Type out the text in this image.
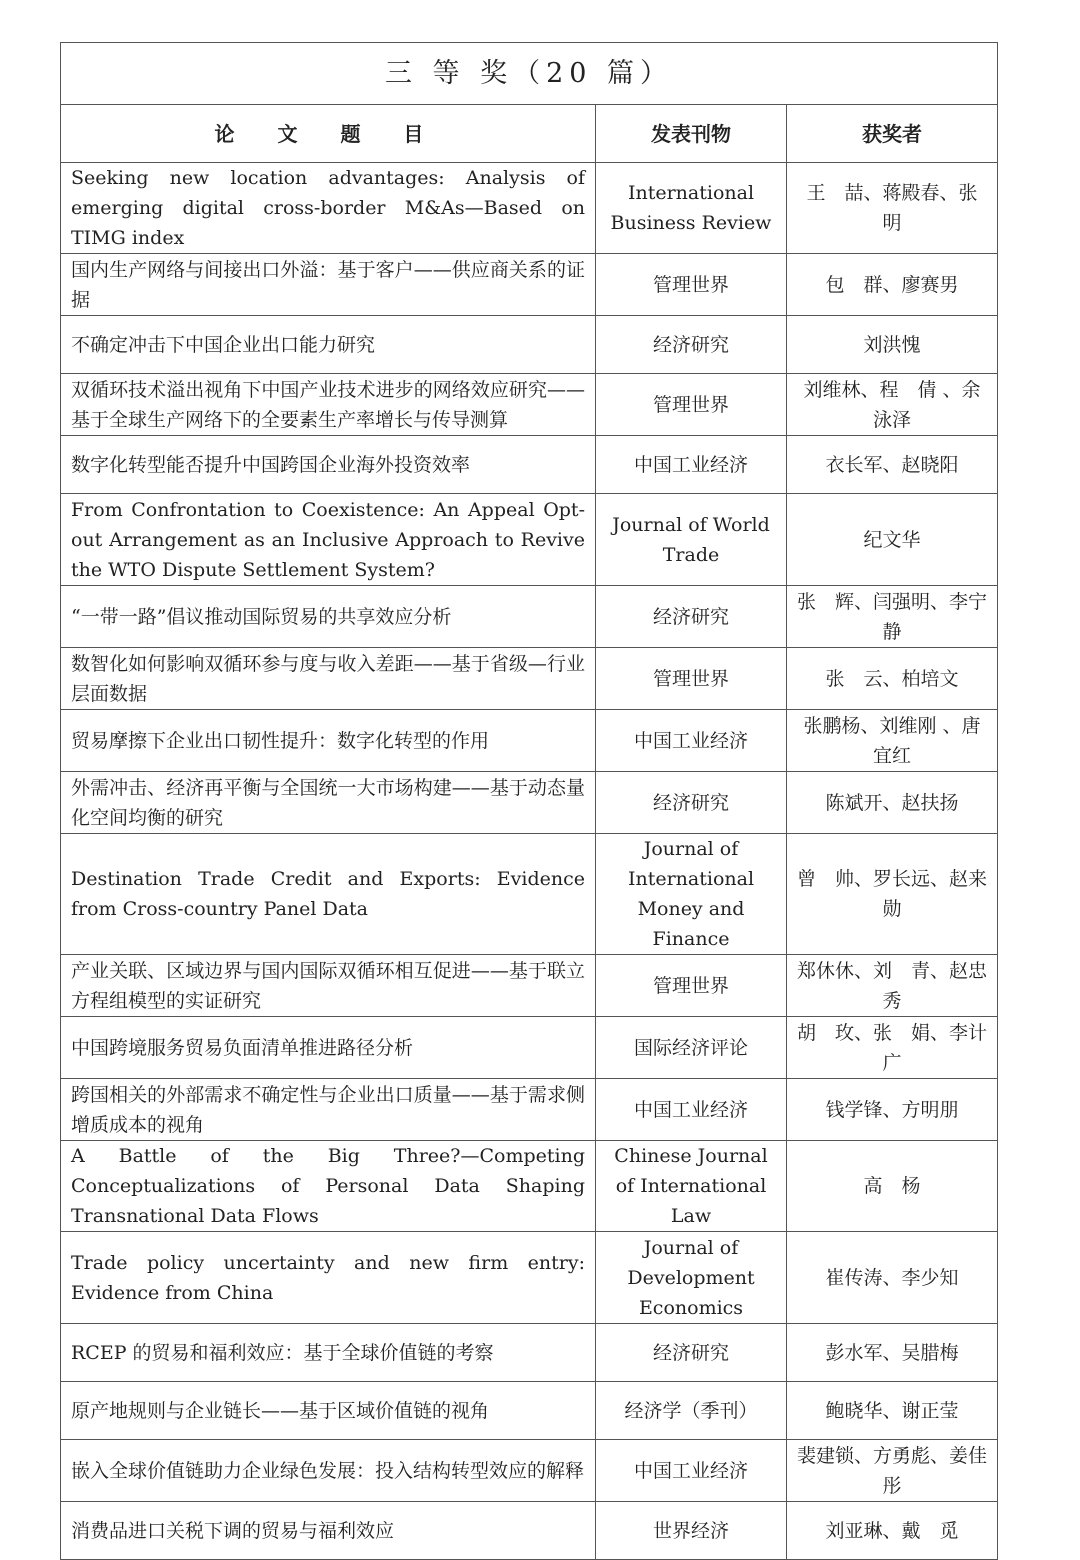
三 等 奖（20 篇）		
论 文 题 目	发表刊物	获奖者
Seeking new location advantages: Analysis of emerging digital cross-border M&As—Based on TIMG index	International Business Review	王　喆、蒋殿春、张　明
国内生产网络与间接出口外溢：基于客户——供应商关系的证据	管理世界	包　群、廖赛男
不确定冲击下中国企业出口能力研究	经济研究	刘洪愧
双循环技术溢出视角下中国产业技术进步的网络效应研究——基于全球生产网络下的全要素生产率增长与传导测算	管理世界	刘维林、程　倩 、余泳泽
数字化转型能否提升中国跨国企业海外投资效率	中国工业经济	衣长军、赵晓阳
From Confrontation to Coexistence: An Appeal Opt-out Arrangement as an Inclusive Approach to Revive the WTO Dispute Settlement System?	Journal of World Trade	纪文华
“一带一路”倡议推动国际贸易的共享效应分析	经济研究	张　辉、闫强明、李宁静
数智化如何影响双循环参与度与收入差距——基于省级—行业层面数据	管理世界	张　云、柏培文
贸易摩擦下企业出口韧性提升：数字化转型的作用	中国工业经济	张鹏杨、刘维刚 、唐宜红
外需冲击、经济再平衡与全国统一大市场构建——基于动态量化空间均衡的研究	经济研究	陈斌开、赵扶扬
Destination Trade Credit and Exports: Evidence from Cross-country Panel Data	Journal of International Money and Finance	曾　帅、罗长远、赵来勋
产业关联、区域边界与国内国际双循环相互促进——基于联立方程组模型的实证研究	管理世界	郑休休、刘　青、赵忠秀
中国跨境服务贸易负面清单推进路径分析	国际经济评论	胡　玫、张　娟、李计广
跨国相关的外部需求不确定性与企业出口质量——基于需求侧增质成本的视角	中国工业经济	钱学锋、方明朋
A Battle of the Big Three?—Competing Conceptualizations of Personal Data Shaping Transnational Data Flows	Chinese Journal of International Law	高　杨
Trade policy uncertainty and new firm entry: Evidence from China	Journal of Development Economics	崔传涛、李少知
RCEP 的贸易和福利效应：基于全球价值链的考察	经济研究	彭水军、吴腊梅
原产地规则与企业链长——基于区域价值链的视角	经济学（季刊）	鲍晓华、谢正莹
嵌入全球价值链助力企业绿色发展：投入结构转型效应的解释	中国工业经济	裴建锁、方勇彪、姜佳彤
消费品进口关税下调的贸易与福利效应	世界经济	刘亚琳、戴　觅
